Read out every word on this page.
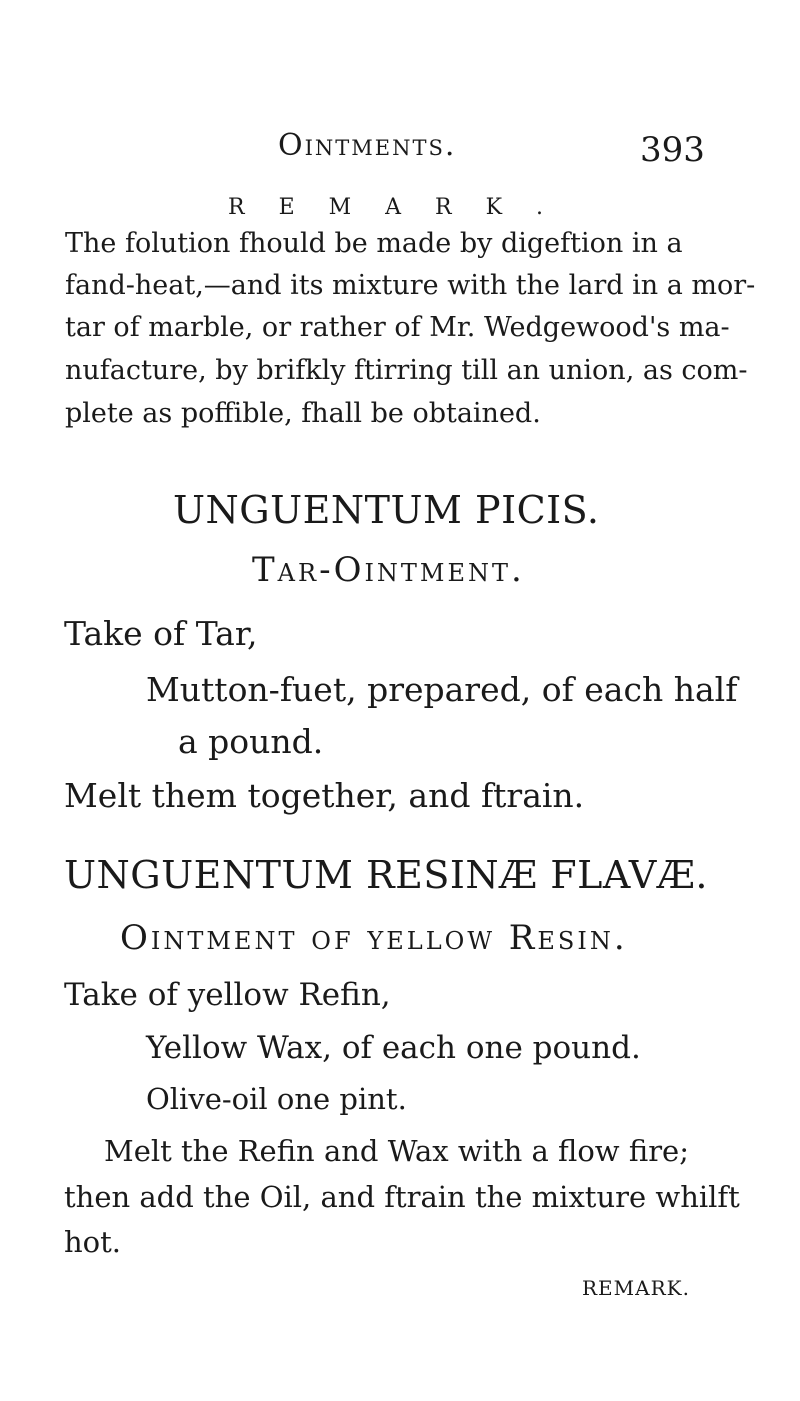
Ointments.	393
REMARK.
The folution fhould be made by digeftion in a
fand-heat,—and its mixture with the lard in a mor-
tar of marble, or rather of Mr. Wedgewood's ma-
nufacture, by brifkly ftirring till an union, as com-
plete as poffible, fhall be obtained.
UNGUENTUM PICIS.
Tar-Ointment.
Take of Tar,
Mutton-fuet, prepared, of each half
a pound.
Melt them together, and ftrain.
UNGUENTUM RESINÆ FLAVÆ.
Ointment of yellow Resin.
Take of yellow Refin,
Yellow Wax, of each one pound.
Olive-oil one pint.
Melt the Refin and Wax with a flow fire;
then add the Oil, and ftrain the mixture whilft
hot.
REMARK.
